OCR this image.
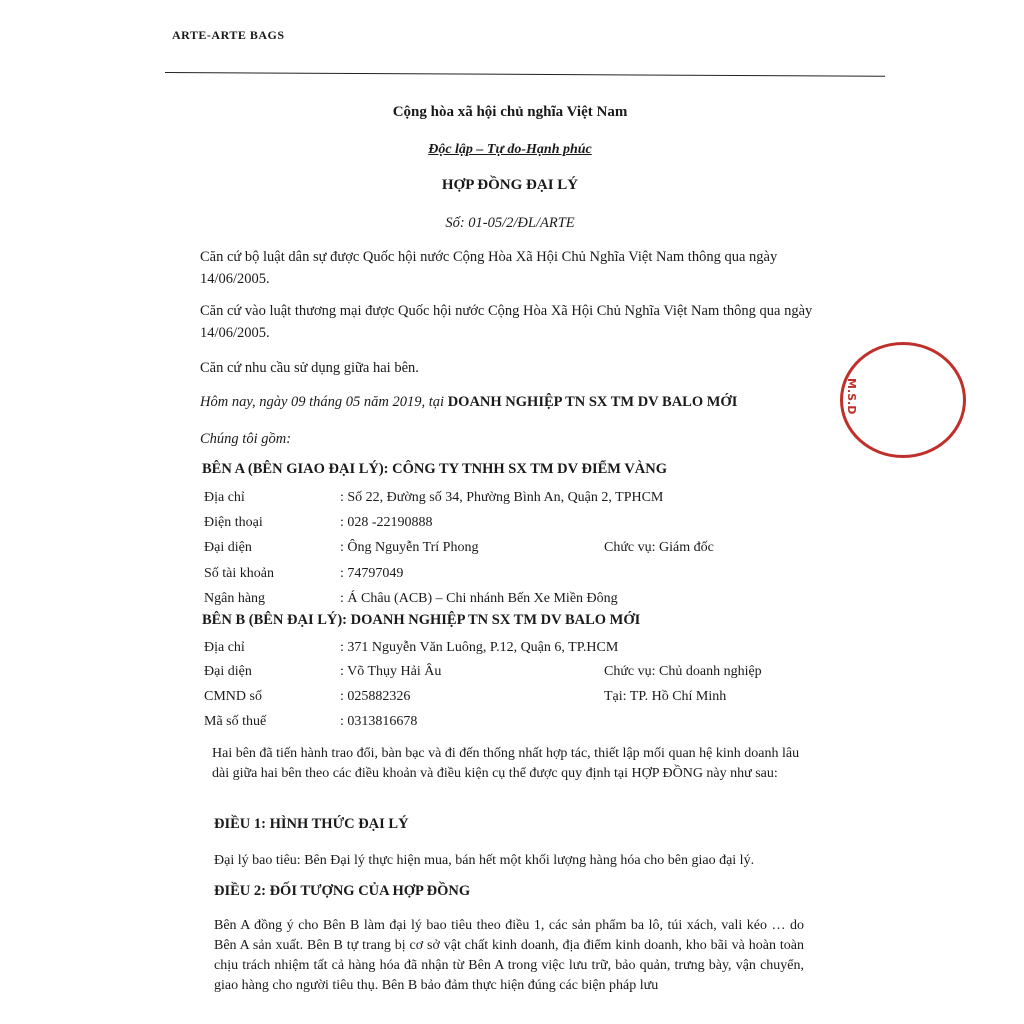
ARTE-ARTE BAGS
Cộng hòa xã hội chủ nghĩa Việt Nam
Độc lập – Tự do-Hạnh phúc
HỢP ĐỒNG ĐẠI LÝ
Số: 01-05/2/ĐL/ARTE
Căn cứ bộ luật dân sự được Quốc hội nước Cộng Hòa Xã Hội Chủ Nghĩa Việt Nam thông qua ngày 14/06/2005.
Căn cứ vào luật thương mại được Quốc hội nước Cộng Hòa Xã Hội Chủ Nghĩa Việt Nam thông qua ngày 14/06/2005.
Căn cứ nhu cầu sử dụng giữa hai bên.
Hôm nay, ngày 09 tháng 05 năm 2019, tại DOANH NGHIỆP TN SX TM DV BALO MỚI
Chúng tôi gồm:
BÊN A (BÊN GIAO ĐẠI LÝ): CÔNG TY TNHH SX TM DV ĐIỂM VÀNG
Địa chỉ	: Số 22, Đường số 34, Phường Bình An, Quận 2, TPHCM
Điện thoại	: 028 -22190888
Đại diện	: Ông Nguyễn Trí Phong	Chức vụ: Giám đốc
Số tài khoản	: 74797049
Ngân hàng	: Á Châu (ACB) – Chi nhánh Bến Xe Miền Đông
BÊN B (BÊN ĐẠI LÝ): DOANH NGHIỆP TN SX TM DV BALO MỚI
Địa chỉ	: 371 Nguyễn Văn Luông, P.12, Quận 6, TP.HCM
Đại diện	: Võ Thụy Hải Âu	Chức vụ: Chủ doanh nghiệp
CMND số	: 025882326	Tại: TP. Hồ Chí Minh
Mã số thuế	: 0313816678
Hai bên đã tiến hành trao đổi, bàn bạc và đi đến thống nhất hợp tác, thiết lập mối quan hệ kinh doanh lâu dài giữa hai bên theo các điều khoản và điều kiện cụ thể được quy định tại HỢP ĐỒNG này như sau:
ĐIỀU 1: HÌNH THỨC ĐẠI LÝ
Đại lý bao tiêu: Bên Đại lý thực hiện mua, bán hết một khối lượng hàng hóa cho bên giao đại lý.
ĐIỀU 2: ĐỐI TƯỢNG CỦA HỢP ĐỒNG
Bên A đồng ý cho Bên B làm đại lý bao tiêu theo điều 1, các sản phẩm ba lô, túi xách, vali kéo … do Bên A sản xuất. Bên B tự trang bị cơ sở vật chất kinh doanh, địa điểm kinh doanh, kho bãi và hoàn toàn chịu trách nhiệm tất cả hàng hóa đã nhận từ Bên A trong việc lưu trữ, bảo quản, trưng bày, vận chuyển, giao hàng cho người tiêu thụ. Bên B bảo đảm thực hiện đúng các biện pháp lưu
M.S.D
